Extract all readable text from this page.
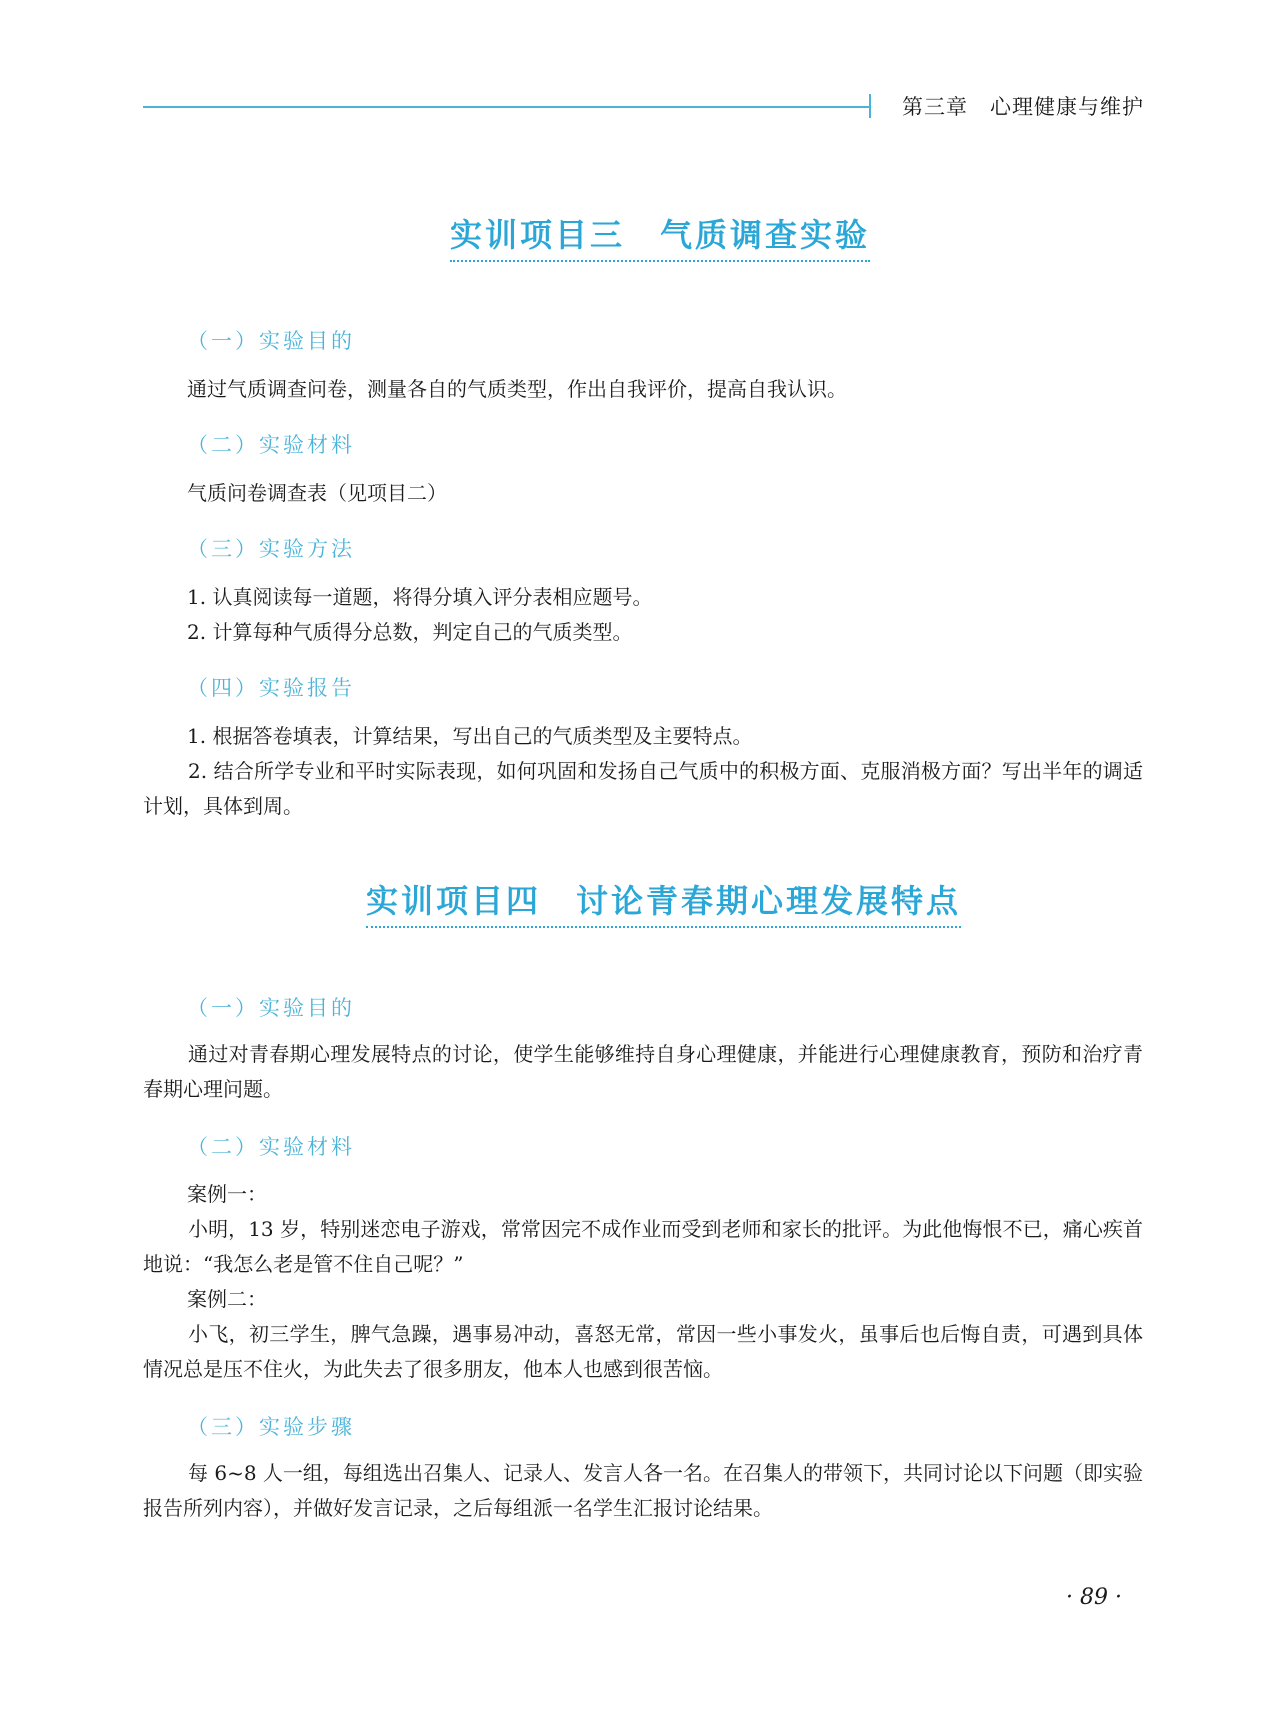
第三章　心理健康与维护
实训项目三　气质调查实验
（一）实验目的
通过气质调查问卷，测量各自的气质类型，作出自我评价，提高自我认识。
（二）实验材料
气质问卷调查表（见项目二）
（三）实验方法
1. 认真阅读每一道题，将得分填入评分表相应题号。
2. 计算每种气质得分总数，判定自己的气质类型。
（四）实验报告
1. 根据答卷填表，计算结果，写出自己的气质类型及主要特点。
2. 结合所学专业和平时实际表现，如何巩固和发扬自己气质中的积极方面、克服消极方面？写出半年的调适计划，具体到周。
实训项目四　讨论青春期心理发展特点
（一）实验目的
通过对青春期心理发展特点的讨论，使学生能够维持自身心理健康，并能进行心理健康教育，预防和治疗青春期心理问题。
（二）实验材料
案例一：
小明，13 岁，特别迷恋电子游戏，常常因完不成作业而受到老师和家长的批评。为此他悔恨不已，痛心疾首地说：“我怎么老是管不住自己呢？”
案例二：
小飞，初三学生，脾气急躁，遇事易冲动，喜怒无常，常因一些小事发火，虽事后也后悔自责，可遇到具体情况总是压不住火，为此失去了很多朋友，他本人也感到很苦恼。
（三）实验步骤
每 6~8 人一组，每组选出召集人、记录人、发言人各一名。在召集人的带领下，共同讨论以下问题（即实验报告所列内容），并做好发言记录，之后每组派一名学生汇报讨论结果。
· 89 ·
